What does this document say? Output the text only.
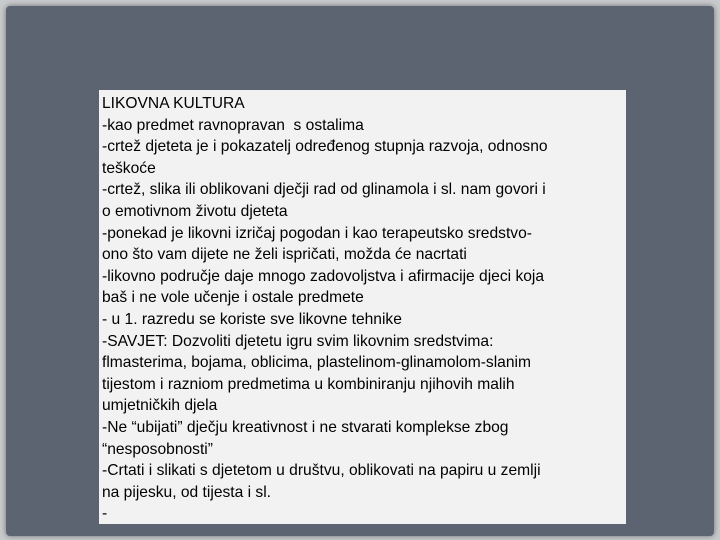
LIKOVNA KULTURA

-kao predmet ravnopravan  s ostalima

-crtež djeteta je i pokazatelj određenog stupnja razvoja, odnosno

teškoće

-crtež, slika ili oblikovani dječji rad od glinamola i sl. nam govori i

o emotivnom životu djeteta

-ponekad je likovni izričaj pogodan i kao terapeutsko sredstvo-

ono što vam dijete ne želi ispričati, možda će nacrtati

-likovno područje daje mnogo zadovoljstva i afirmacije djeci koja

baš i ne vole učenje i ostale predmete

- u 1. razredu se koriste sve likovne tehnike

-SAVJET: Dozvoliti djetetu igru svim likovnim sredstvima:

flmasterima, bojama, oblicima, plastelinom-glinamolom-slanim

tijestom i razniom predmetima u kombiniranju njihovih malih

umjetničkih djela

-Ne “ubijati” dječju kreativnost i ne stvarati komplekse zbog

“nesposobnosti”

-Crtati i slikati s djetetom u društvu, oblikovati na papiru u zemlji

na pijesku, od tijesta i sl.

-
